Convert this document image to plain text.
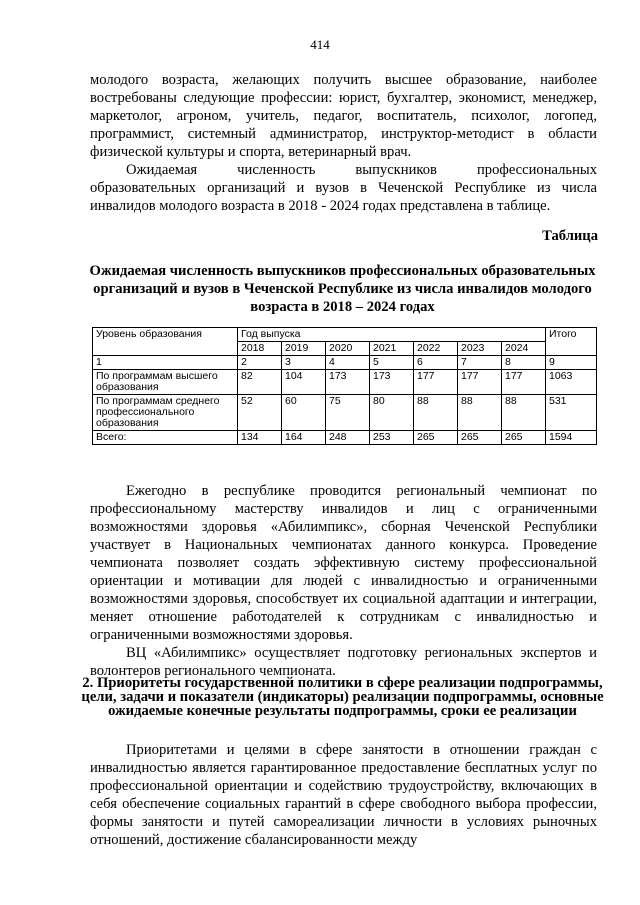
414

молодого возраста, желающих получить высшее образование, наиболее востребованы следующие профессии: юрист, бухгалтер, экономист, менеджер, маркетолог, агроном, учитель, педагог, воспитатель, психолог, логопед, программист, системный администратор, инструктор-методист в области физической культуры и спорта, ветеринарный врач.

Ожидаемая численность выпускников профессиональных образовательных организаций и вузов в Чеченской Республике из числа инвалидов молодого возраста в 2018 - 2024 годах представлена в таблице.

Таблица
Ожидаемая численность выпускников профессиональных образовательных организаций и вузов в Чеченской Республике из числа инвалидов молодого возраста в 2018 – 2024 годах
Уровень образования	Год выпуска							Итого
	2018	2019	2020	2021	2022	2023	2024	
1	2	3	4	5	6	7	8	9
По программам высшего образования	82	104	173	173	177	177	177	1063
По программам среднего профессионального образования	52	60	75	80	88	88	88	531
Всего:	134	164	248	253	265	265	265	1594

Ежегодно в республике проводится региональный чемпионат по профессиональному мастерству инвалидов и лиц с ограниченными возможностями здоровья «Абилимпикс», сборная Чеченской Республики участвует в Национальных чемпионатах данного конкурса. Проведение чемпионата позволяет создать эффективную систему профессиональной ориентации и мотивации для людей с инвалидностью и ограниченными возможностями здоровья, способствует их социальной адаптации и интеграции, меняет отношение работодателей к сотрудникам с инвалидностью и ограниченными возможностями здоровья.

ВЦ «Абилимпикс» осуществляет подготовку региональных экспертов и волонтеров регионального чемпионата.

2. Приоритеты государственной политики в сфере реализации подпрограммы, цели, задачи и показатели (индикаторы) реализации подпрограммы, основные ожидаемые конечные результаты подпрограммы, сроки ее реализации

Приоритетами и целями в сфере занятости в отношении граждан с инвалидностью является гарантированное предоставление бесплатных услуг по профессиональной ориентации и содействию трудоустройству, включающих в себя обеспечение социальных гарантий в сфере свободного выбора профессии, формы занятости и путей самореализации личности в условиях рыночных отношений, достижение сбалансированности между
